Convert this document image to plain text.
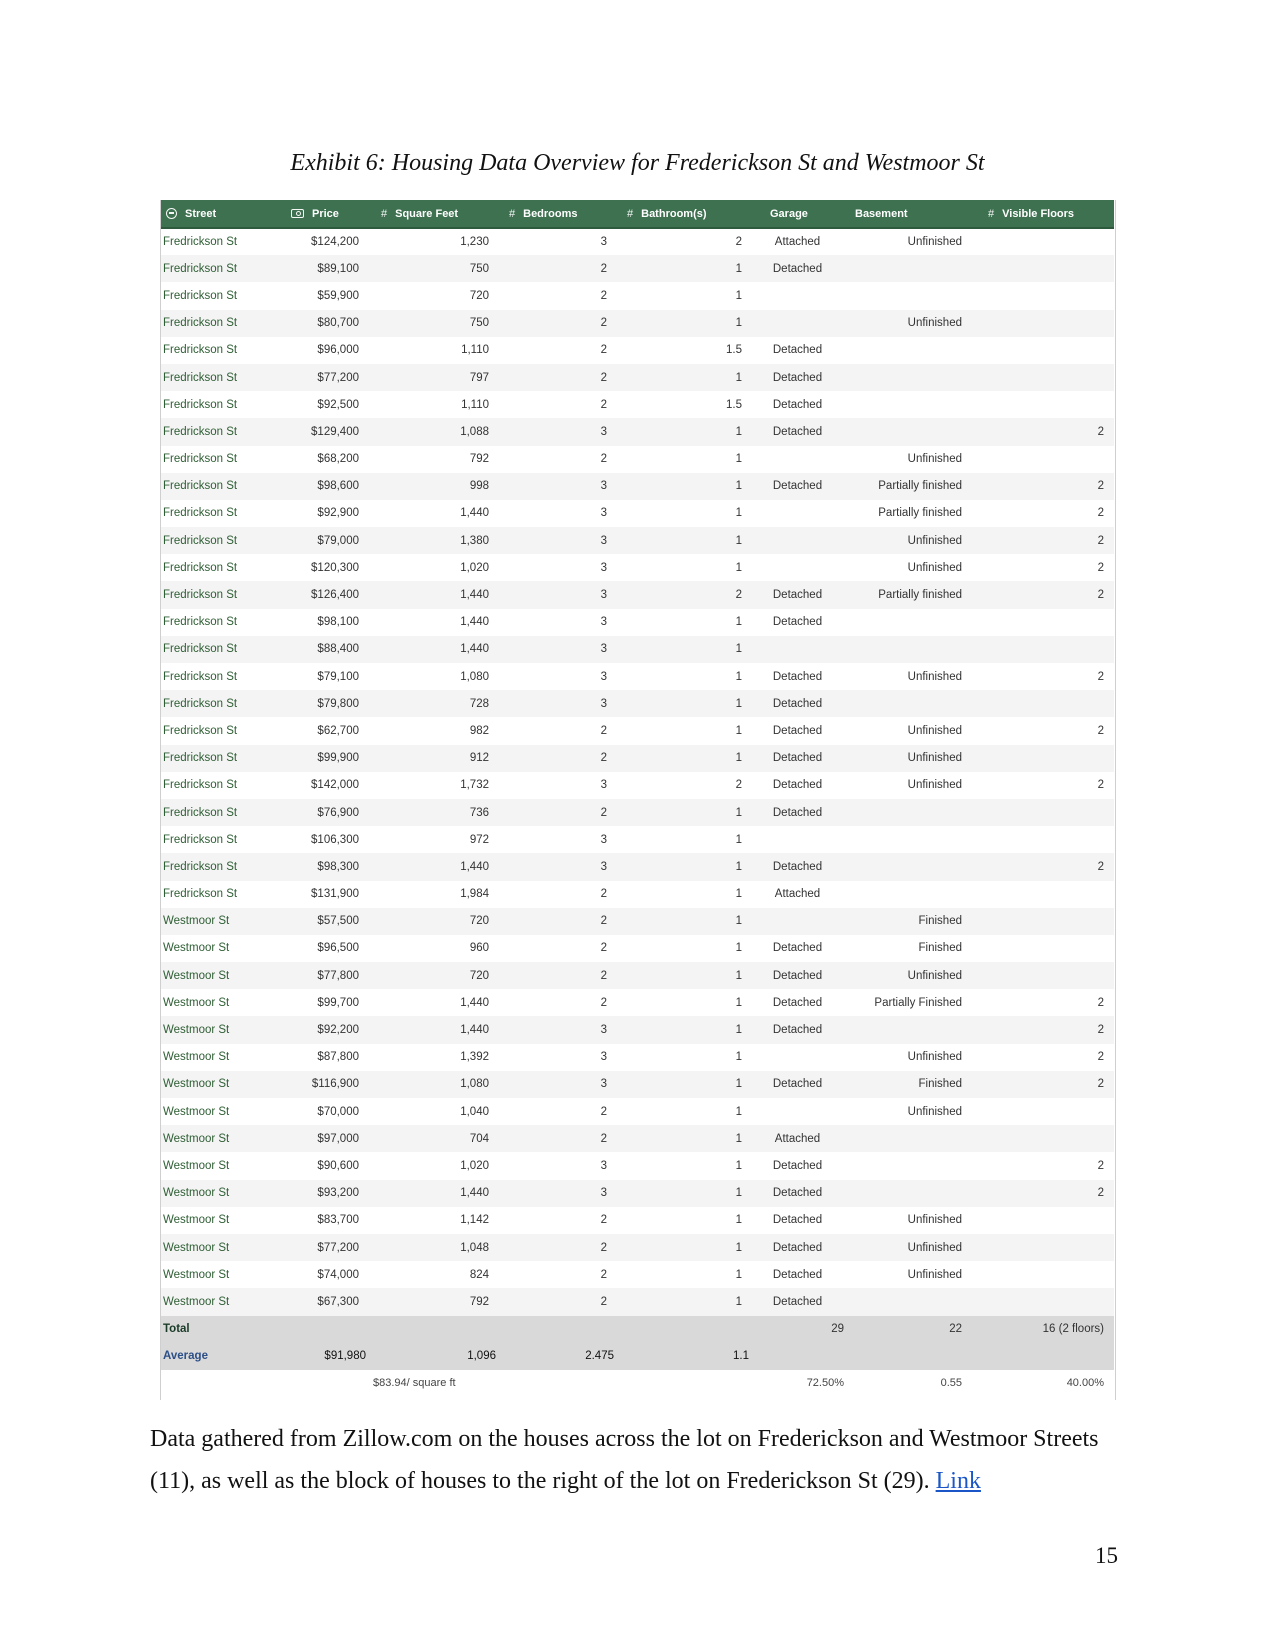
Exhibit 6: Housing Data Overview for Frederickson St and Westmoor St
Street	Price	# Square Feet	# Bedrooms	# Bathroom(s)	Garage	Basement	# Visible Floors
Fredrickson St	$124,200	1,230	3	2	Attached	Unfinished	
Fredrickson St	$89,100	750	2	1	Detached		
Fredrickson St	$59,900	720	2	1			
Fredrickson St	$80,700	750	2	1		Unfinished	
Fredrickson St	$96,000	1,110	2	1.5	Detached		
Fredrickson St	$77,200	797	2	1	Detached		
Fredrickson St	$92,500	1,110	2	1.5	Detached		
Fredrickson St	$129,400	1,088	3	1	Detached		2
Fredrickson St	$68,200	792	2	1		Unfinished	
Fredrickson St	$98,600	998	3	1	Detached	Partially finished	2
Fredrickson St	$92,900	1,440	3	1		Partially finished	2
Fredrickson St	$79,000	1,380	3	1		Unfinished	2
Fredrickson St	$120,300	1,020	3	1		Unfinished	2
Fredrickson St	$126,400	1,440	3	2	Detached	Partially finished	2
Fredrickson St	$98,100	1,440	3	1	Detached		
Fredrickson St	$88,400	1,440	3	1			
Fredrickson St	$79,100	1,080	3	1	Detached	Unfinished	2
Fredrickson St	$79,800	728	3	1	Detached		
Fredrickson St	$62,700	982	2	1	Detached	Unfinished	2
Fredrickson St	$99,900	912	2	1	Detached	Unfinished	
Fredrickson St	$142,000	1,732	3	2	Detached	Unfinished	2
Fredrickson St	$76,900	736	2	1	Detached		
Fredrickson St	$106,300	972	3	1			
Fredrickson St	$98,300	1,440	3	1	Detached		2
Fredrickson St	$131,900	1,984	2	1	Attached		
Westmoor St	$57,500	720	2	1		Finished	
Westmoor St	$96,500	960	2	1	Detached	Finished	
Westmoor St	$77,800	720	2	1	Detached	Unfinished	
Westmoor St	$99,700	1,440	2	1	Detached	Partially Finished	2
Westmoor St	$92,200	1,440	3	1	Detached		2
Westmoor St	$87,800	1,392	3	1		Unfinished	2
Westmoor St	$116,900	1,080	3	1	Detached	Finished	2
Westmoor St	$70,000	1,040	2	1		Unfinished	
Westmoor St	$97,000	704	2	1	Attached		
Westmoor St	$90,600	1,020	3	1	Detached		2
Westmoor St	$93,200	1,440	3	1	Detached		2
Westmoor St	$83,700	1,142	2	1	Detached	Unfinished	
Westmoor St	$77,200	1,048	2	1	Detached	Unfinished	
Westmoor St	$74,000	824	2	1	Detached	Unfinished	
Westmoor St	$67,300	792	2	1	Detached		
Total					29	22	16 (2 floors)
Average	$91,980	1,096	2.475	1.1			
	$83.94/ square ft				72.50%	0.55	40.00%
Data gathered from Zillow.com on the houses across the lot on Frederickson and Westmoor Streets (11), as well as the block of houses to the right of the lot on Frederickson St (29). Link
15
